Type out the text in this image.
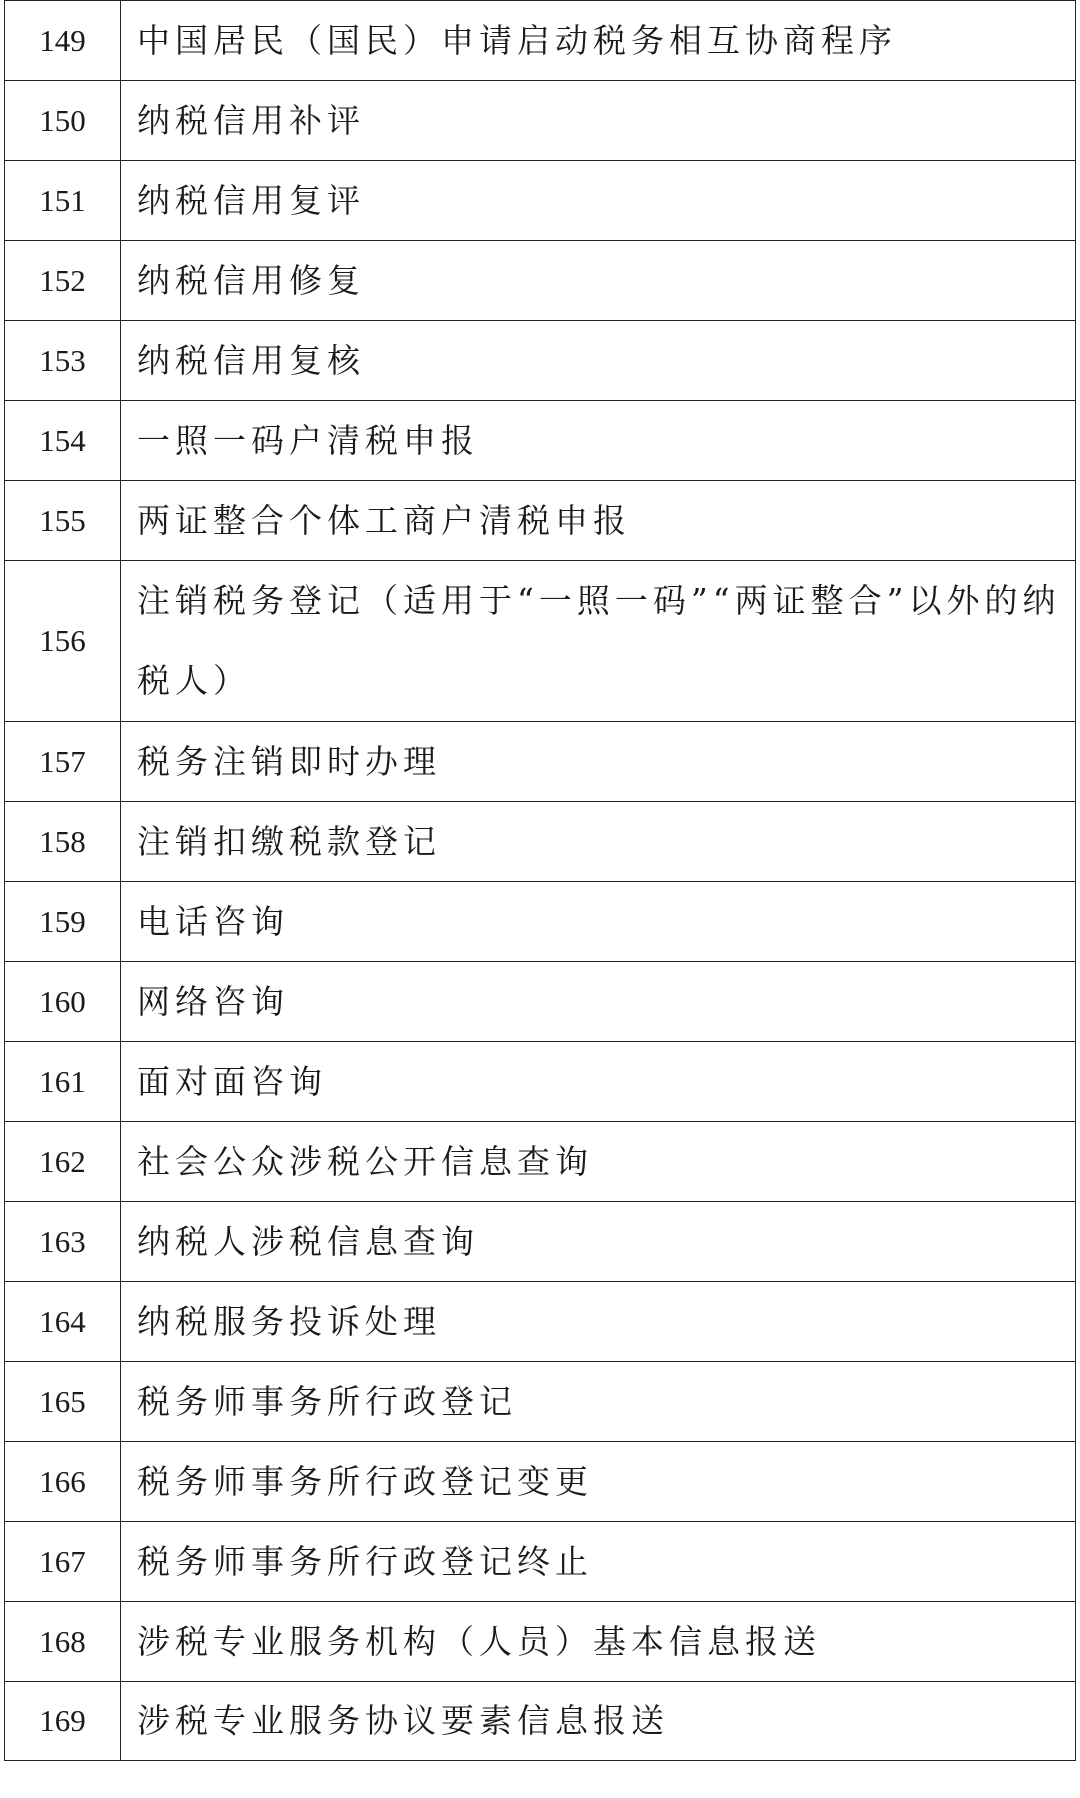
149	中国居民（国民）申请启动税务相互协商程序
150	纳税信用补评
151	纳税信用复评
152	纳税信用修复
153	纳税信用复核
154	一照一码户清税申报
155	两证整合个体工商户清税申报
156	注销税务登记（适用于“一照一码”“两证整合”以外的纳税人）
157	税务注销即时办理
158	注销扣缴税款登记
159	电话咨询
160	网络咨询
161	面对面咨询
162	社会公众涉税公开信息查询
163	纳税人涉税信息查询
164	纳税服务投诉处理
165	税务师事务所行政登记
166	税务师事务所行政登记变更
167	税务师事务所行政登记终止
168	涉税专业服务机构（人员）基本信息报送
169	涉税专业服务协议要素信息报送
